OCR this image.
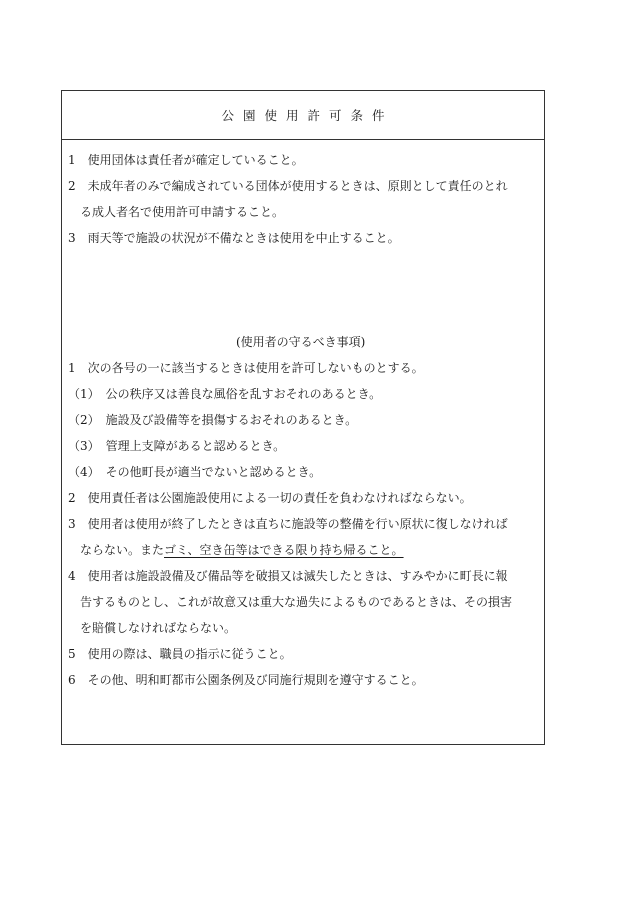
公 園 使 用 許 可 条 件
1　使用団体は責任者が確定していること。
2　未成年者のみで編成されている団体が使用するときは、原則として責任のとれ
る成人者名で使用許可申請すること。
3　雨天等で施設の状況が不備なときは使用を中止すること。
(使用者の守るべき事項)
1　次の各号の一に該当するときは使用を許可しないものとする。
（1）　公の秩序又は善良な風俗を乱すおそれのあるとき。
（2）　施設及び設備等を損傷するおそれのあるとき。
（3）　管理上支障があると認めるとき。
（4）　その他町長が適当でないと認めるとき。
2　使用責任者は公園施設使用による一切の責任を負わなければならない。
3　使用者は使用が終了したときは直ちに施設等の整備を行い原状に復しなければ
ならない。またゴミ、空き缶等はできる限り持ち帰ること。
4　使用者は施設設備及び備品等を破損又は滅失したときは、すみやかに町長に報
告するものとし、これが故意又は重大な過失によるものであるときは、その損害
を賠償しなければならない。
5　使用の際は、職員の指示に従うこと。
6　その他、明和町都市公園条例及び同施行規則を遵守すること。
